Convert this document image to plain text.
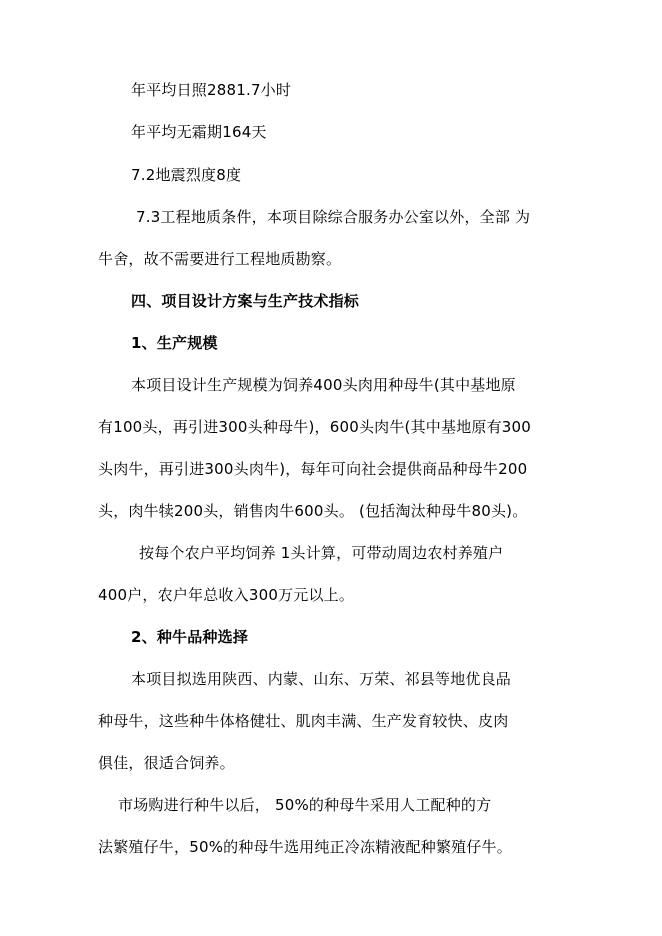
年平均日照2881.7小时
年平均无霜期164天
7.2地震烈度8度
7.3工程地质条件，本项目除综合服务办公室以外，全部 为
牛舍，故不需要进行工程地质勘察。
四、项目设计方案与生产技术指标
1、生产规模
本项目设计生产规模为饲养400头肉用种母牛(其中基地原
有100头，再引进300头种母牛)，600头肉牛(其中基地原有300
头肉牛，再引进300头肉牛)，每年可向社会提供商品种母牛200
头，肉牛犊200头，销售肉牛600头。 (包括淘汰种母牛80头)。
按每个农户平均饲养 1头计算，可带动周边农村养殖户
400户，农户年总收入300万元以上。
2、种牛品种选择
本项目拟选用陕西、内蒙、山东、万荣、祁县等地优良品
种母牛，这些种牛体格健壮、肌肉丰满、生产发育较快、皮肉
俱佳，很适合饲养。
市场购进行种牛以后， 50%的种母牛采用人工配种的方
法繁殖仔牛，50%的种母牛选用纯正冷冻精液配种繁殖仔牛。
